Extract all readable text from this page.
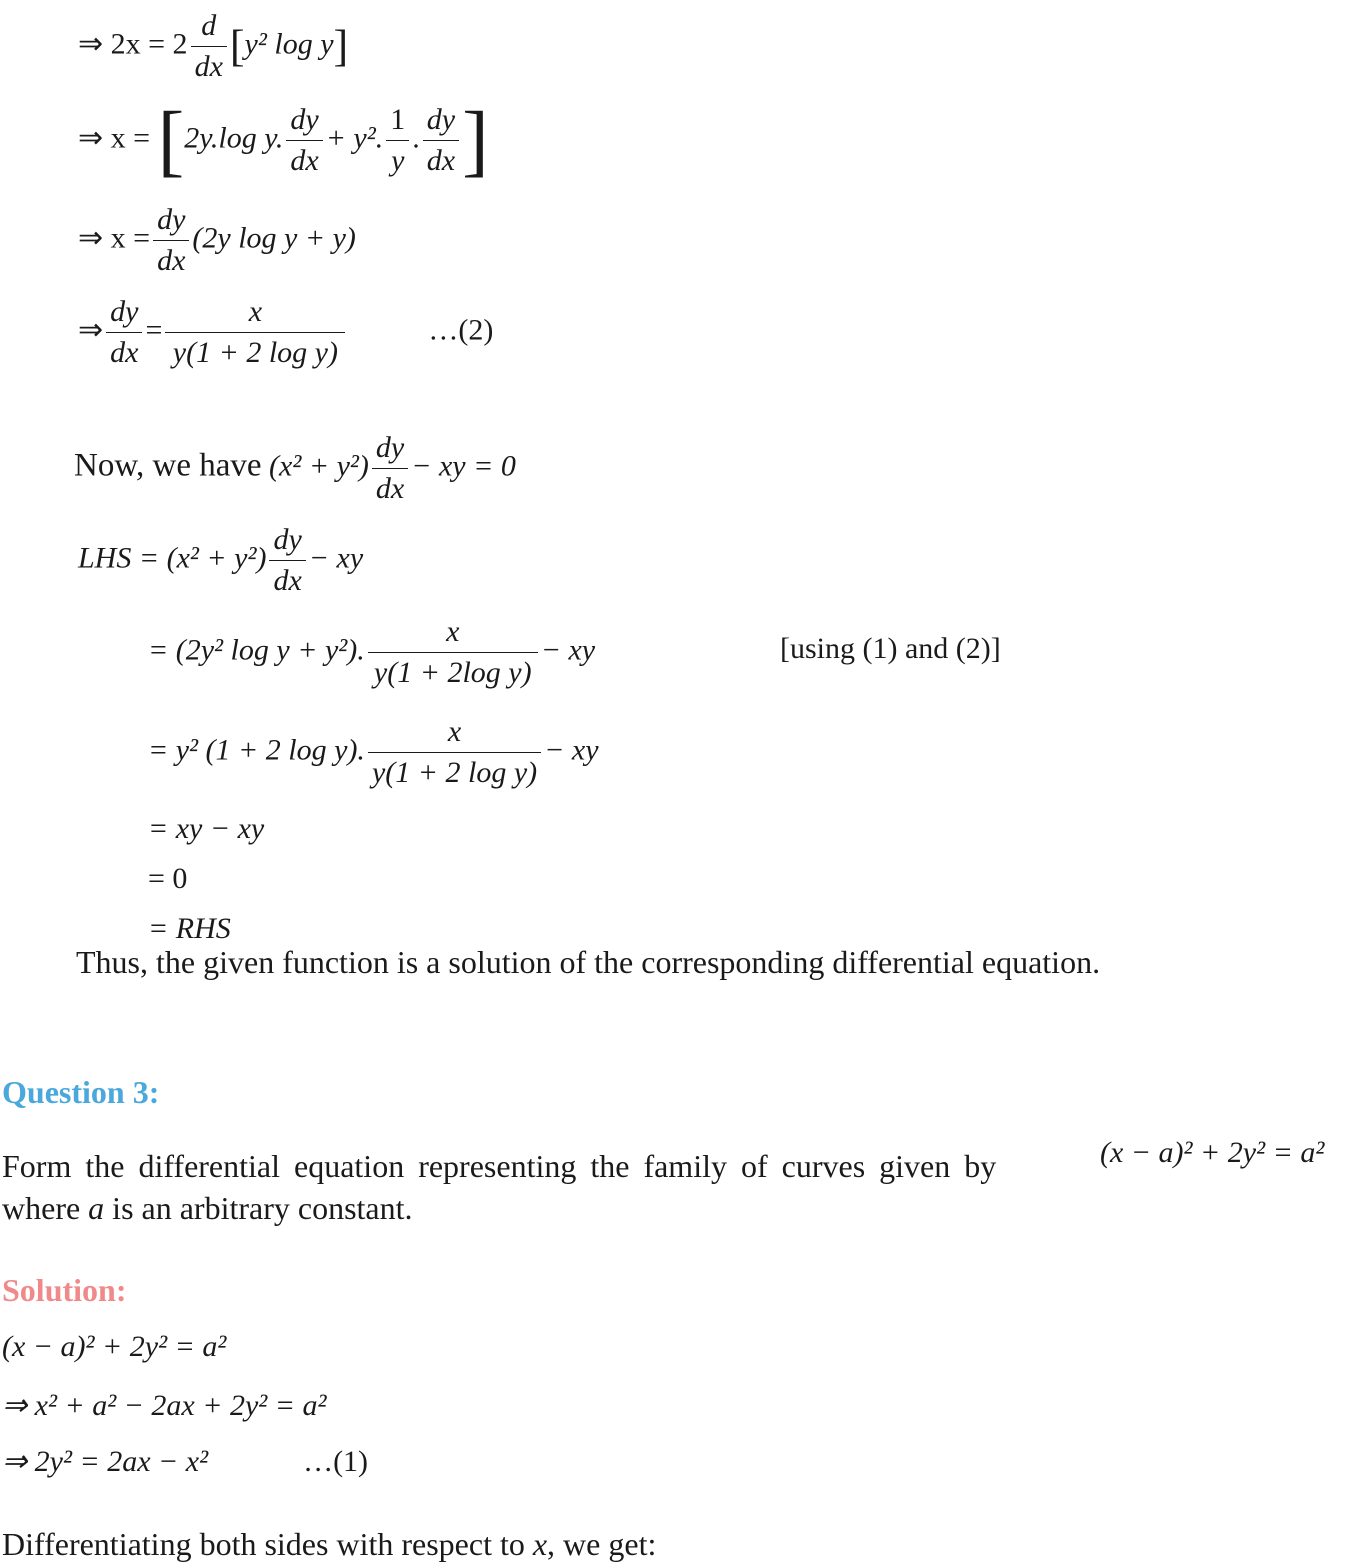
⇒ $2x = 2 \frac{d}{dx} [y^2$ log y]
⇒ x = [2y.log y. $\frac{dy}{dx} + y^2$. $\frac{1}{y}$ . $\frac{dy}{dx}$ ]
⇒ $x = \frac{dy}{dx} (2y$ log y + y)
⇒ $\frac{dy}{dx} = \frac{x}{\text{y(1 + 2 log y)}}$	…(2)
Now, we have $(x^2 + y^2) \frac{dy}{dx}$ − xy = 0
LHS = $(x^2 + y^2) \frac{dy}{dx}$ − xy
= (2y² log y + y²). $\frac{x}{\text{y(1 + 2log y)}}$ − xy	[using (1) and (2)]
= y² (1 + 2 log y). $\frac{x}{\text{y(1 + 2 log y)}}$ − xy
= xy − xy
= 0
= RHS
Thus, the given function is a solution of the corresponding differential equation.
Question 3:
Form the differential equation representing the family of curves given by	(x − a)² + 2y² = a²
where a is an arbitrary constant.
Solution:
(x − a)² + 2y² = a²
⇒ x² + a² − 2ax + 2y² = a²
⇒ 2y² = 2ax − x²	…(1)
Differentiating both sides with respect to x, we get:
